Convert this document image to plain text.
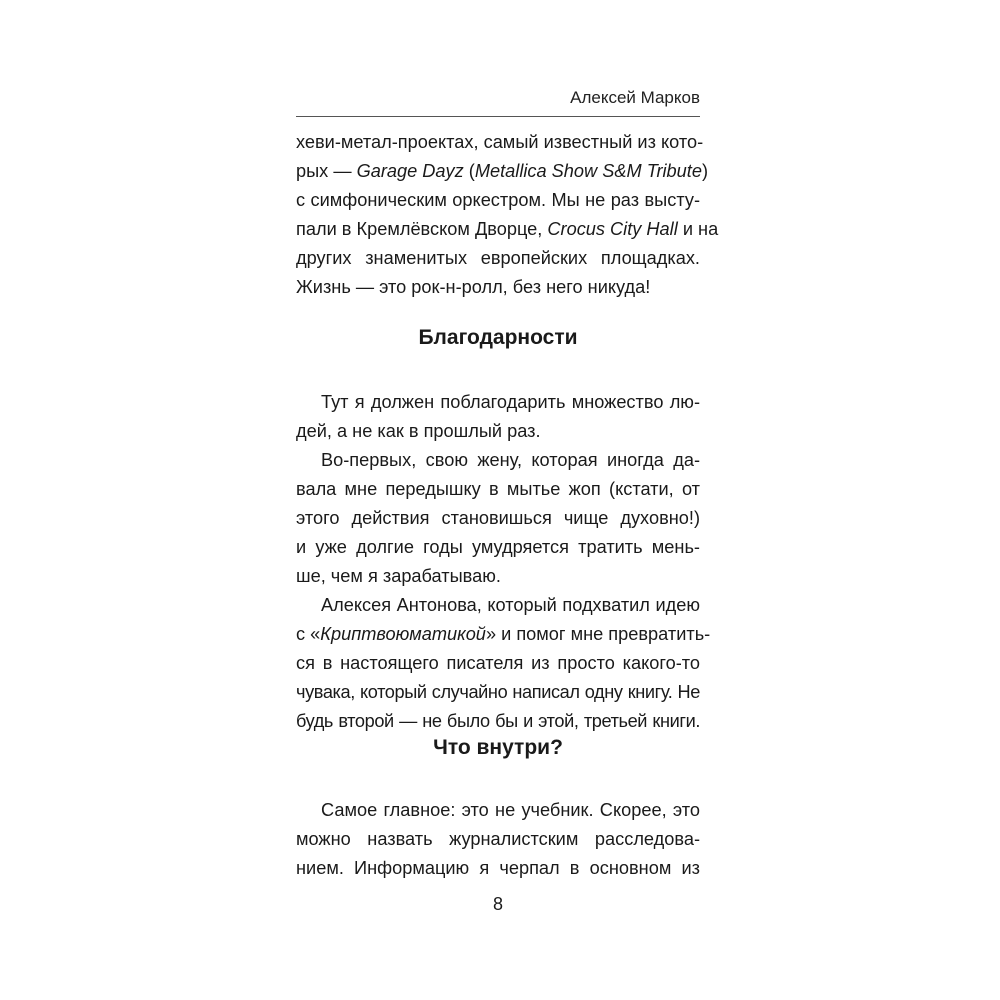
Алексей Марков
хеви-метал-проектах, самый известный из кото-
рых — Garage Dayz (Metallica Show S&M Tribute)
с симфоническим оркестром. Мы не раз высту-
пали в Кремлёвском Дворце, Crocus City Hall и на
других знаменитых европейских площадках.
Жизнь — это рок-н-ролл, без него никуда!
Благодарности
Тут я должен поблагодарить множество лю-
дей, а не как в прошлый раз.
Во-первых, свою жену, которая иногда да-
вала мне передышку в мытье жоп (кстати, от
этого действия становишься чище духовно!)
и уже долгие годы умудряется тратить мень-
ше, чем я зарабатываю.
Алексея Антонова, который подхватил идею
с «Криптвоюматикой» и помог мне превратить-
ся в настоящего писателя из просто какого-то
чувака, который случайно написал одну книгу. Не
будь второй — не было бы и этой, третьей книги.
Что внутри?
Самое главное: это не учебник. Скорее, это
можно назвать журналистским расследова-
нием. Информацию я черпал в основном из
8
